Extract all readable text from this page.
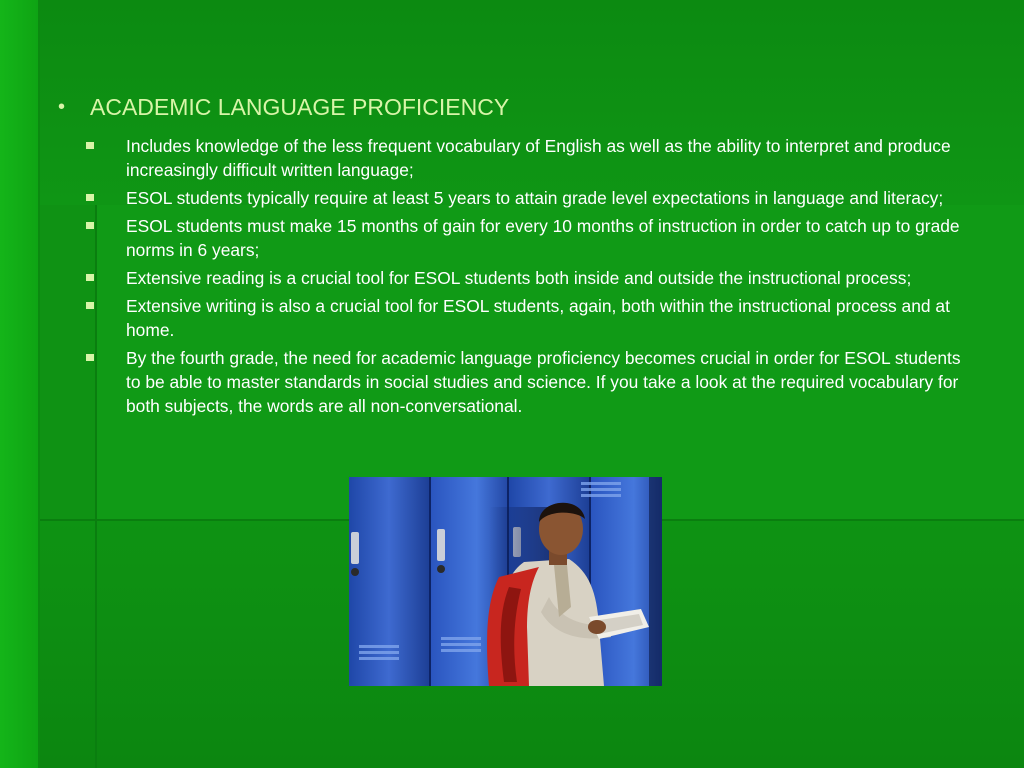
•	ACADEMIC LANGUAGE PROFICIENCY
Includes knowledge of the less frequent vocabulary of English as well as the ability to interpret and produce increasingly difficult written language;
ESOL students typically require at least 5 years to attain grade level expectations in language and literacy;
ESOL students must make 15 months of gain for every 10 months of instruction in order to catch up to grade norms in 6 years;
Extensive reading is a crucial tool for ESOL students both inside and outside the instructional process;
Extensive writing is also a crucial tool for ESOL students, again, both within the instructional process and at home.
By the fourth grade, the need for academic language proficiency becomes crucial in order for ESOL students to be able to master standards in social studies and science. If you take a look at the required vocabulary for both subjects, the words are all non-conversational.
